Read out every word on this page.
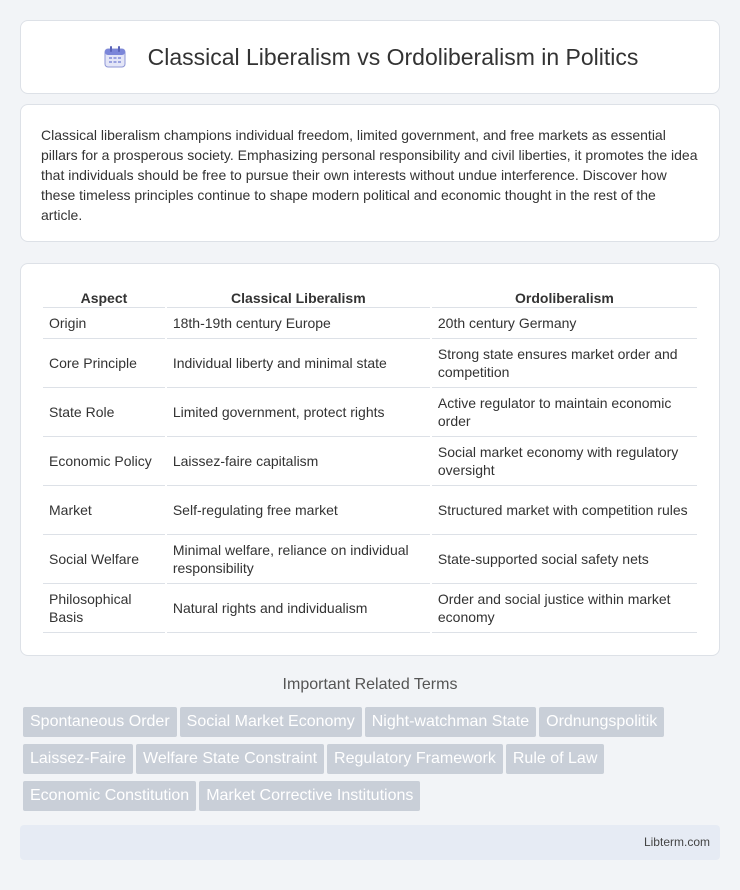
Classical Liberalism vs Ordoliberalism in Politics

Classical liberalism champions individual freedom, limited government, and free markets as essential pillars for a prosperous society. Emphasizing personal responsibility and civil liberties, it promotes the idea that individuals should be free to pursue their own interests without undue interference. Discover how these timeless principles continue to shape modern political and economic thought in the rest of the article.

Aspect	Classical Liberalism	Ordoliberalism
Origin	18th-19th century Europe	20th century Germany
Core Principle	Individual liberty and minimal state	Strong state ensures market order and competition
State Role	Limited government, protect rights	Active regulator to maintain economic order
Economic Policy	Laissez-faire capitalism	Social market economy with regulatory oversight
Market	Self-regulating free market	Structured market with competition rules
Social Welfare	Minimal welfare, reliance on individual responsibility	State-supported social safety nets
Philosophical Basis	Natural rights and individualism	Order and social justice within market economy
Important Related Terms
Spontaneous Order Social Market Economy Night-watchman State Ordnungspolitik
Laissez-Faire Welfare State Constraint Regulatory Framework Rule of Law
Economic Constitution Market Corrective Institutions
Libterm.com
